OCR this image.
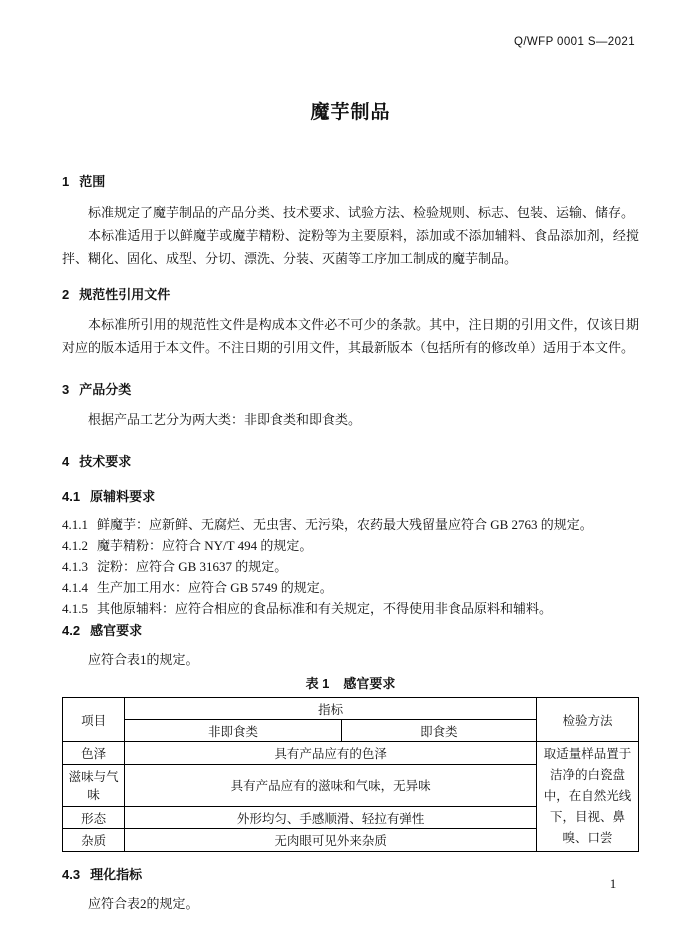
Q/WFP 0001 S—2021
魔芋制品
1 范围

标准规定了魔芋制品的产品分类、技术要求、试验方法、检验规则、标志、包装、运输、储存。

本标准适用于以鲜魔芋或魔芋精粉、淀粉等为主要原料，添加或不添加辅料、食品添加剂，经搅拌、糊化、固化、成型、分切、漂洗、分装、灭菌等工序加工制成的魔芋制品。

2 规范性引用文件

本标准所引用的规范性文件是构成本文件必不可少的条款。其中，注日期的引用文件，仅该日期对应的版本适用于本文件。不注日期的引用文件，其最新版本（包括所有的修改单）适用于本文件。

3 产品分类

根据产品工艺分为两大类：非即食类和即食类。

4 技术要求
4.1 原辅料要求
4.1.1 鲜魔芋：应新鲜、无腐烂、无虫害、无污染，农药最大残留量应符合 GB 2763 的规定。
4.1.2 魔芋精粉：应符合 NY/T 494 的规定。
4.1.3 淀粉：应符合 GB 31637 的规定。
4.1.4 生产加工用水：应符合 GB 5749 的规定。
4.1.5 其他原辅料：应符合相应的食品标准和有关规定，不得使用非食品原料和辅料。
4.2 感官要求

应符合表1的规定。

表 1 感官要求
项目	指标		检验方法
	非即食类	即食类	
色泽	具有产品应有的色泽		取适量样品置于洁净的白瓷盘中，在自然光线下，目视、鼻嗅、口尝
滋味与气味	具有产品应有的滋味和气味，无异味		
形态	外形均匀、手感顺滑、轻拉有弹性		
杂质	无肉眼可见外来杂质		
4.3 理化指标

应符合表2的规定。

1
